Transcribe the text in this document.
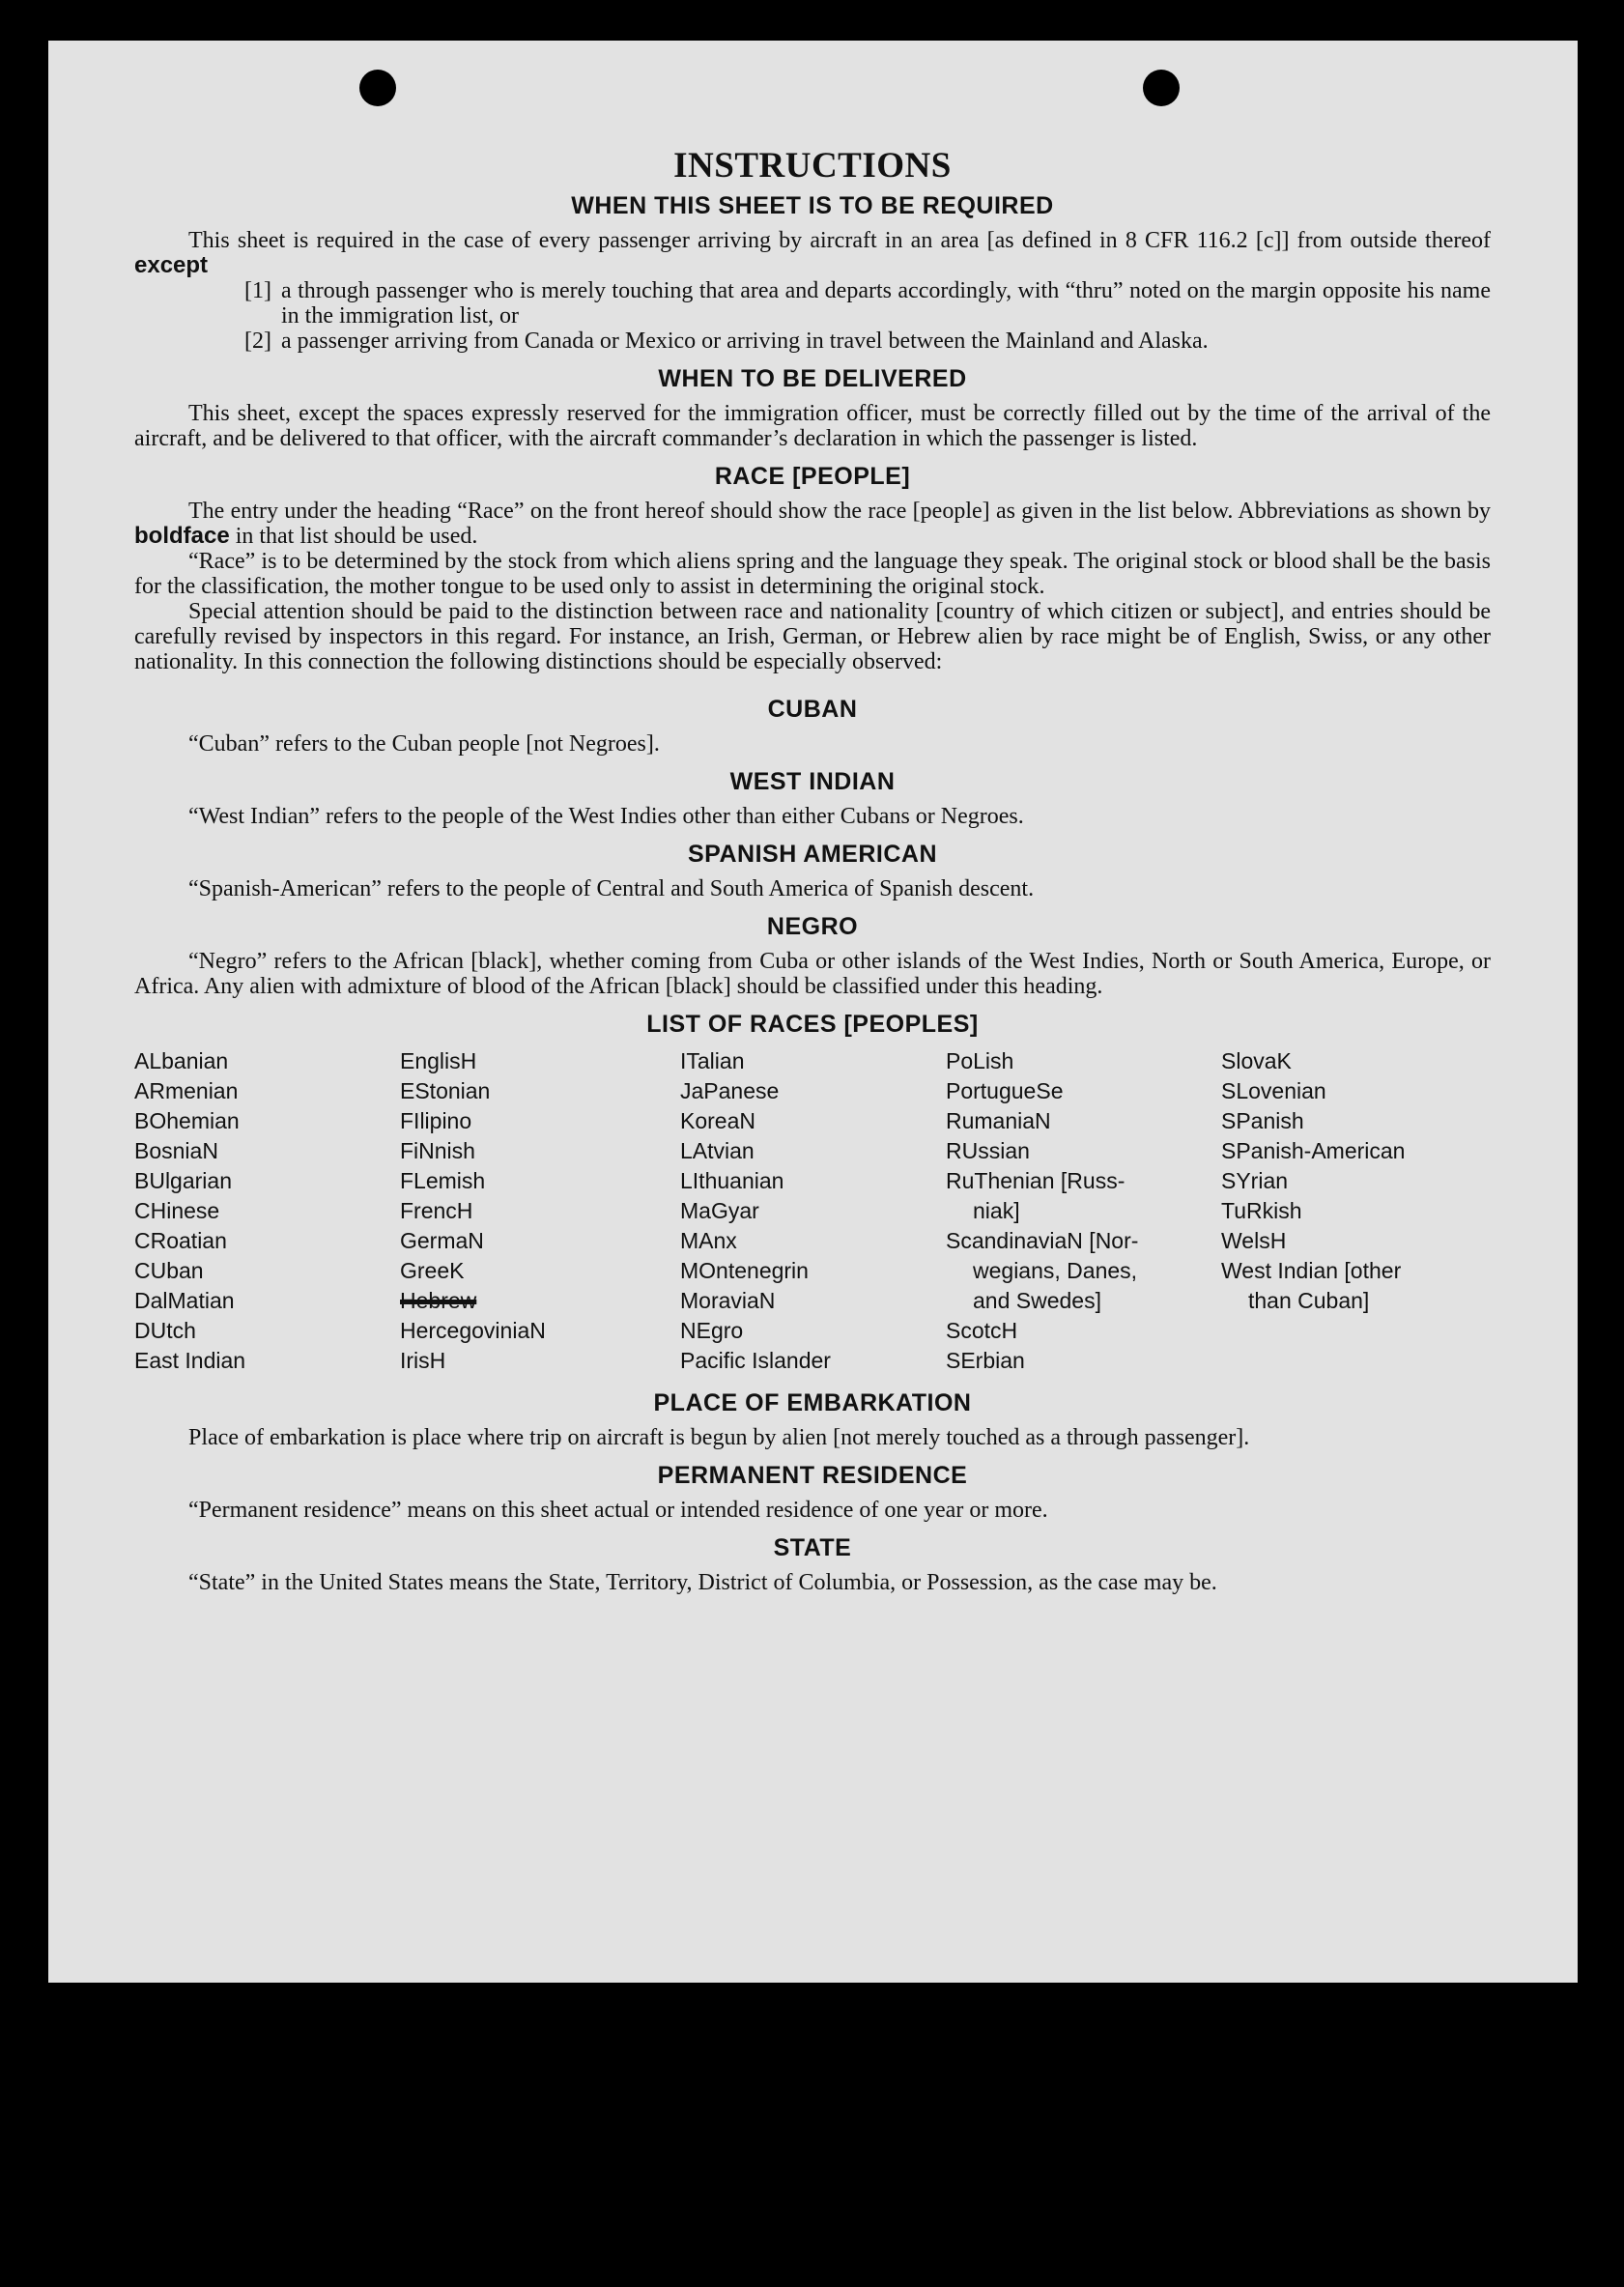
INSTRUCTIONS
WHEN THIS SHEET IS TO BE REQUIRED

This sheet is required in the case of every passenger arriving by aircraft in an area [as defined in 8 CFR 116.2 [c]] from outside thereof except

[1] a through passenger who is merely touching that area and departs accordingly, with “thru” noted on the margin opposite his name in the immigration list, or
[2] a passenger arriving from Canada or Mexico or arriving in travel between the Mainland and Alaska.
WHEN TO BE DELIVERED

This sheet, except the spaces expressly reserved for the immigration officer, must be correctly filled out by the time of the arrival of the aircraft, and be delivered to that officer, with the aircraft commander’s declaration in which the passenger is listed.

RACE [PEOPLE]

The entry under the heading “Race” on the front hereof should show the race [people] as given in the list below. Abbreviations as shown by boldface in that list should be used.

“Race” is to be determined by the stock from which aliens spring and the language they speak. The original stock or blood shall be the basis for the classification, the mother tongue to be used only to assist in determining the original stock.

Special attention should be paid to the distinction between race and nationality [country of which citizen or subject], and entries should be carefully revised by inspectors in this regard. For instance, an Irish, German, or Hebrew alien by race might be of English, Swiss, or any other nationality. In this connection the following distinctions should be especially observed:

CUBAN

“Cuban” refers to the Cuban people [not Negroes].

WEST INDIAN

“West Indian” refers to the people of the West Indies other than either Cubans or Negroes.

SPANISH AMERICAN

“Spanish-American” refers to the people of Central and South America of Spanish descent.

NEGRO

“Negro” refers to the African [black], whether coming from Cuba or other islands of the West Indies, North or South America, Europe, or Africa. Any alien with admixture of blood of the African [black] should be classified under this heading.

LIST OF RACES [PEOPLES]
ALbanian
ARmenian
BOhemian
BosniaN
BUlgarian
CHinese
CRoatian
CUban
DalMatian
DUtch
East Indian
EnglisH
EStonian
FIlipino
FiNnish
FLemish
FrencH
GermaN
GreeK
Hebrew
HercegoviniaN
IrisH
ITalian
JaPanese
KoreaN
LAtvian
LIthuanian
MaGyar
MAnx
MOntenegrin
MoraviaN
NEgro
Pacific Islander
PoLish
PortugueSe
RumaniaN
RUssian
RuThenian [Russ-
niak]
ScandinaviaN [Nor-
wegians, Danes,
and Swedes]
ScotcH
SErbian
SlovaK
SLovenian
SPanish
SPanish-American
SYrian
TuRkish
WelsH
West Indian [other
than Cuban]
PLACE OF EMBARKATION

Place of embarkation is place where trip on aircraft is begun by alien [not merely touched as a through passenger].

PERMANENT RESIDENCE

“Permanent residence” means on this sheet actual or intended residence of one year or more.

STATE

“State” in the United States means the State, Territory, District of Columbia, or Possession, as the case may be.
